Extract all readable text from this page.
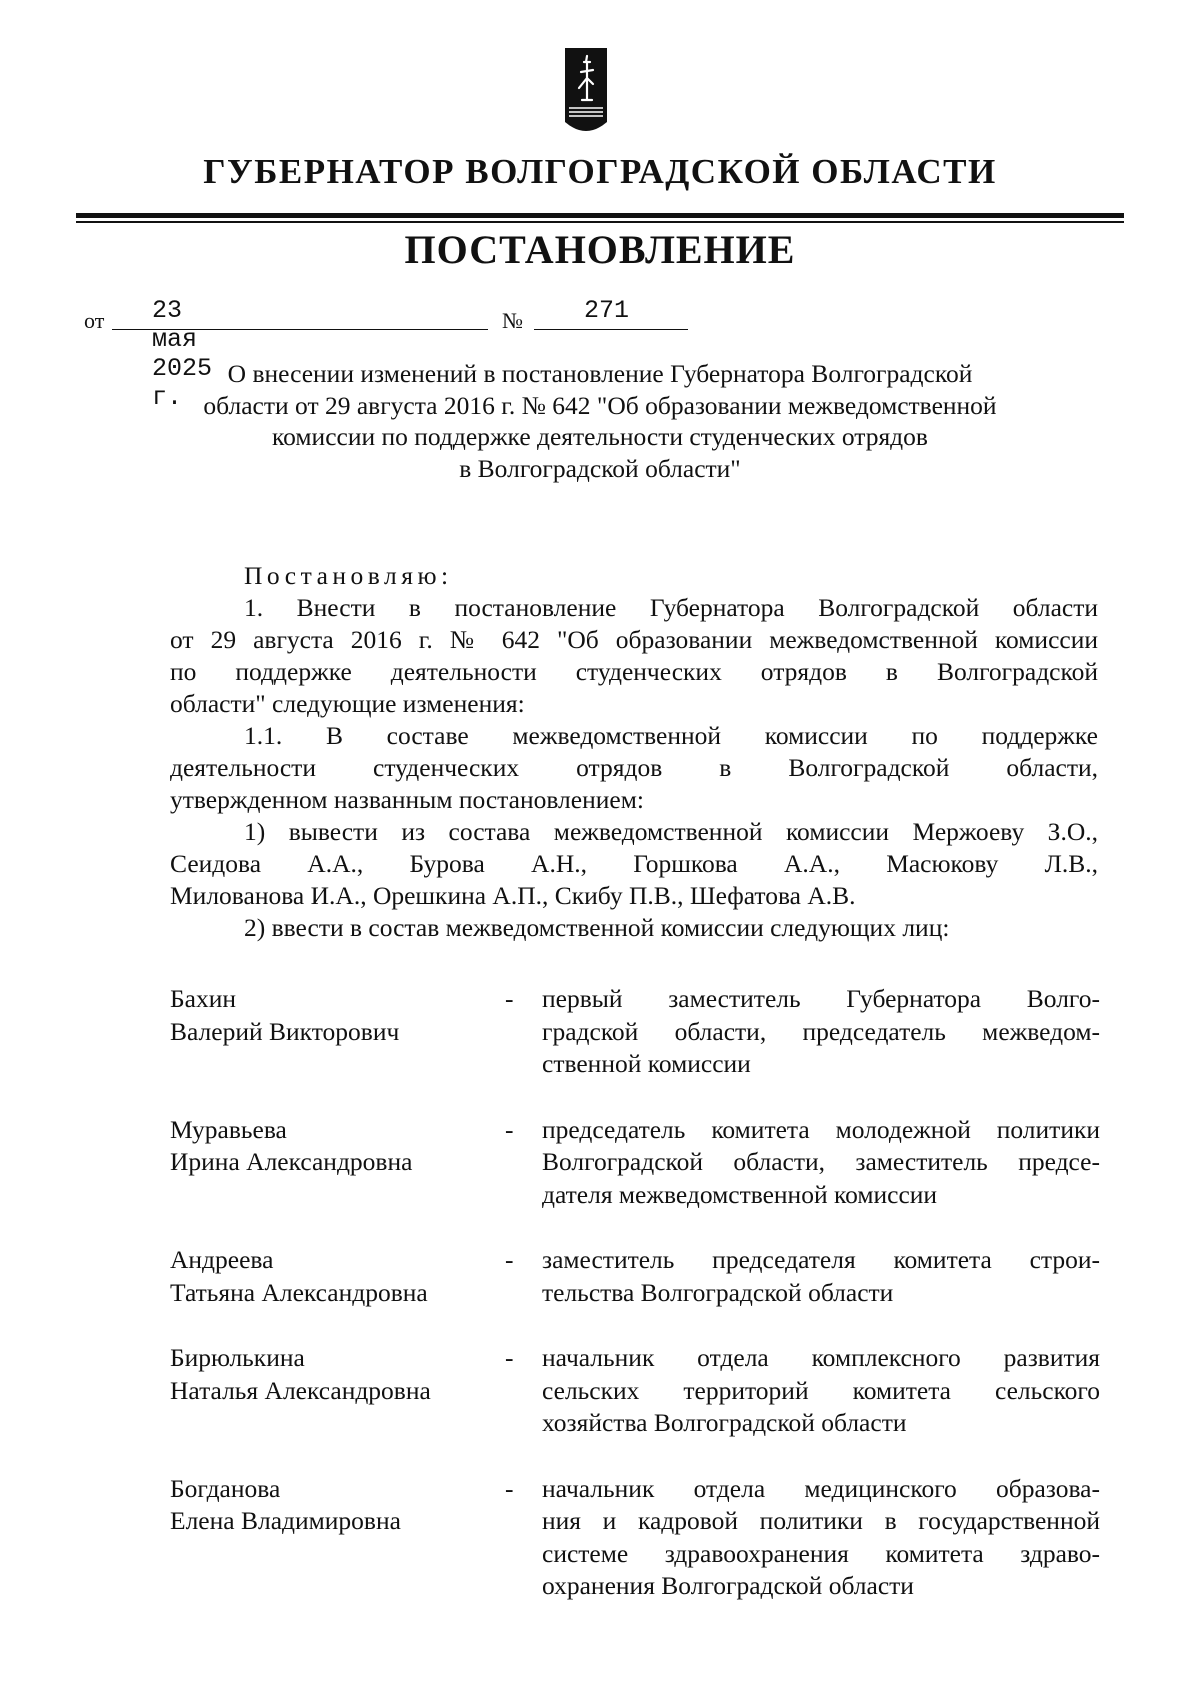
ГУБЕРНАТОР ВОЛГОГРАДСКОЙ ОБЛАСТИ
ПОСТАНОВЛЕНИЕ
от 23 мая 2025 г.
№ 271
О внесении изменений в постановление Губернатора Волгоградской
области от 29 августа 2016 г. № 642 "Об образовании межведомственной
комиссии по поддержке деятельности студенческих отрядов
в Волгоградской области"
Постановляю:
1. Внести в постановление Губернатора Волгоградской области
от 29 августа 2016 г. № 642 "Об образовании межведомственной комиссии
по поддержке деятельности студенческих отрядов в Волгоградской
области" следующие изменения:
1.1. В составе межведомственной комиссии по поддержке
деятельности студенческих отрядов в Волгоградской области,
утвержденном названным постановлением:
1) вывести из состава межведомственной комиссии Мержоеву З.О.,
Сеидова А.А., Бурова А.Н., Горшкова А.А., Масюкову Л.В.,
Милованова И.А., Орешкина А.П., Скибу П.В., Шефатова А.В.
2) ввести в состав межведомственной комиссии следующих лиц:
Бахин
Валерий Викторович
- первый заместитель Губернатора Волго-
градской области, председатель межведом-
ственной комиссии
Муравьева
Ирина Александровна
- председатель комитета молодежной политики
Волгоградской области, заместитель предсе-
дателя межведомственной комиссии
Андреева
Татьяна Александровна
- заместитель председателя комитета строи-
тельства Волгоградской области
Бирюлькина
Наталья Александровна
- начальник отдела комплексного развития
сельских территорий комитета сельского
хозяйства Волгоградской области
Богданова
Елена Владимировна
- начальник отдела медицинского образова-
ния и кадровой политики в государственной
системе здравоохранения комитета здраво-
охранения Волгоградской области
